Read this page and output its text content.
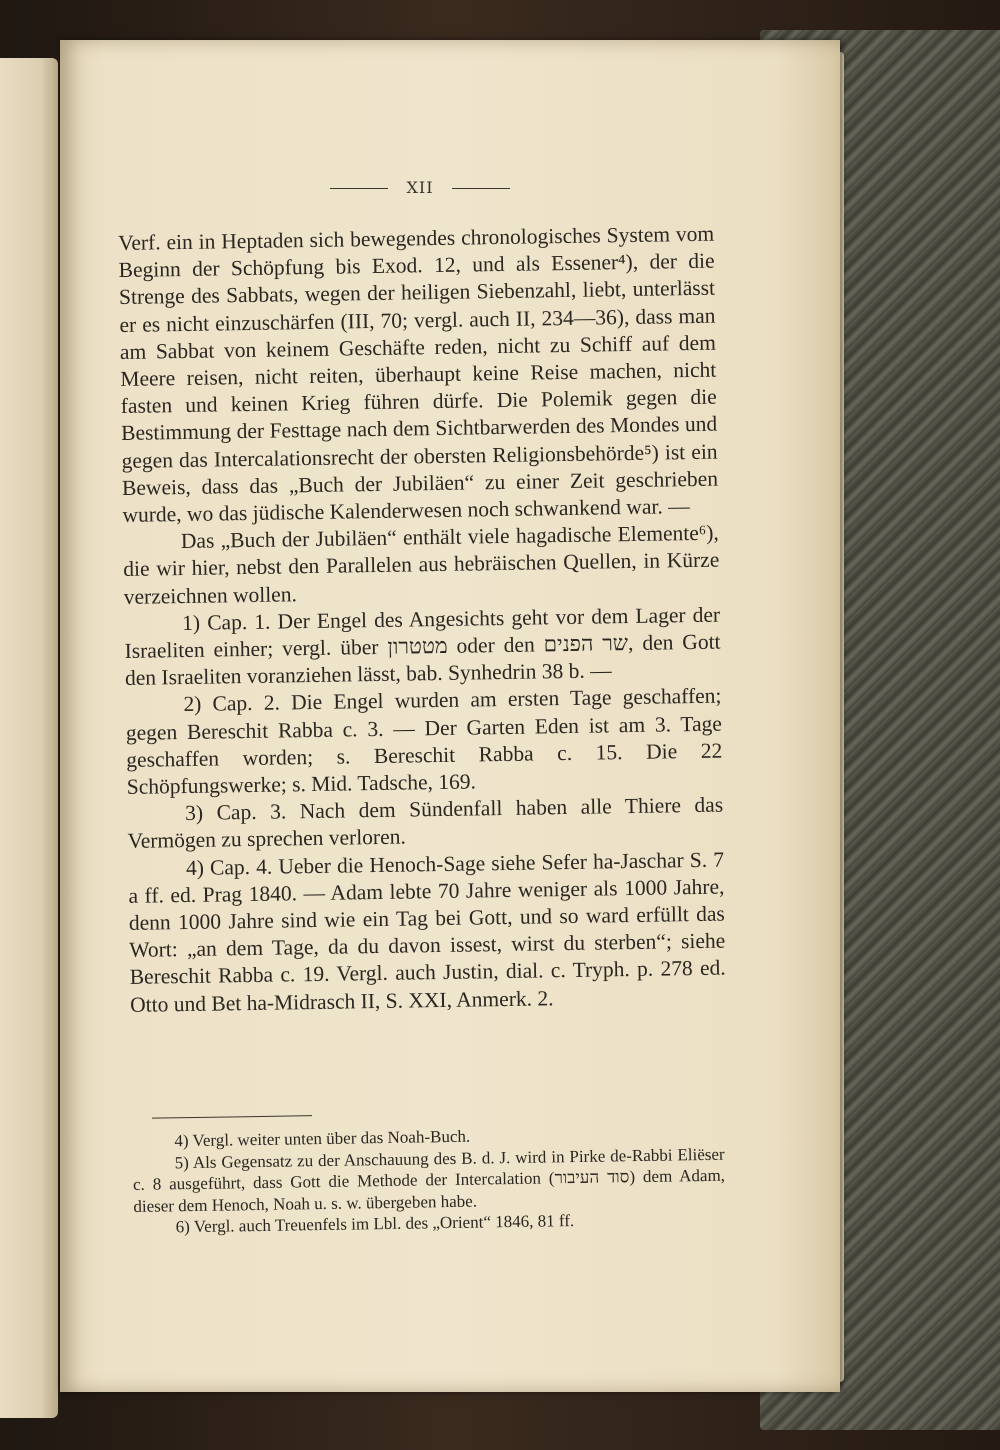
XII

Verf. ein in Heptaden sich bewegendes chronologisches System vom Beginn der Schöpfung bis Exod. 12, und als Essener⁴), der die Strenge des Sabbats, wegen der heiligen Siebenzahl, liebt, unterlässt er es nicht einzuschärfen (III, 70; vergl. auch II, 234—36), dass man am Sabbat von keinem Geschäfte reden, nicht zu Schiff auf dem Meere reisen, nicht reiten, überhaupt keine Reise machen, nicht fasten und keinen Krieg führen dürfe. Die Polemik gegen die Bestimmung der Festtage nach dem Sichtbarwerden des Mondes und gegen das Intercalationsrecht der obersten Religionsbehörde⁵) ist ein Beweis, dass das „Buch der Jubiläen“ zu einer Zeit geschrieben wurde, wo das jüdische Kalenderwesen noch schwankend war. —

Das „Buch der Jubiläen“ enthält viele hagadische Elemente⁶), die wir hier, nebst den Parallelen aus hebräischen Quellen, in Kürze verzeichnen wollen.

1) Cap. 1. Der Engel des Angesichts geht vor dem Lager der Israeliten einher; vergl. über מטטרון oder den שר הפנים, den Gott den Israeliten voranziehen lässt, bab. Synhedrin 38 b. —

2) Cap. 2. Die Engel wurden am ersten Tage geschaffen; gegen Bereschit Rabba c. 3. — Der Garten Eden ist am 3. Tage geschaffen worden; s. Bereschit Rabba c. 15. Die 22 Schöpfungswerke; s. Mid. Tadsche, 169.

3) Cap. 3. Nach dem Sündenfall haben alle Thiere das Vermögen zu sprechen verloren.

4) Cap. 4. Ueber die Henoch-Sage siehe Sefer ha-Jaschar S. 7 a ff. ed. Prag 1840. — Adam lebte 70 Jahre weniger als 1000 Jahre, denn 1000 Jahre sind wie ein Tag bei Gott, und so ward erfüllt das Wort: „an dem Tage, da du davon issest, wirst du sterben“; siehe Bereschit Rabba c. 19. Vergl. auch Justin, dial. c. Tryph. p. 278 ed. Otto und Bet ha-Midrasch II, S. XXI, Anmerk. 2.

4) Vergl. weiter unten über das Noah-Buch.

5) Als Gegensatz zu der Anschauung des B. d. J. wird in Pirke de-Rabbi Eliëser c. 8 ausgeführt, dass Gott die Methode der Intercalation (סוד העיבור) dem Adam, dieser dem Henoch, Noah u. s. w. übergeben habe.

6) Vergl. auch Treuenfels im Lbl. des „Orient“ 1846, 81 ff.
